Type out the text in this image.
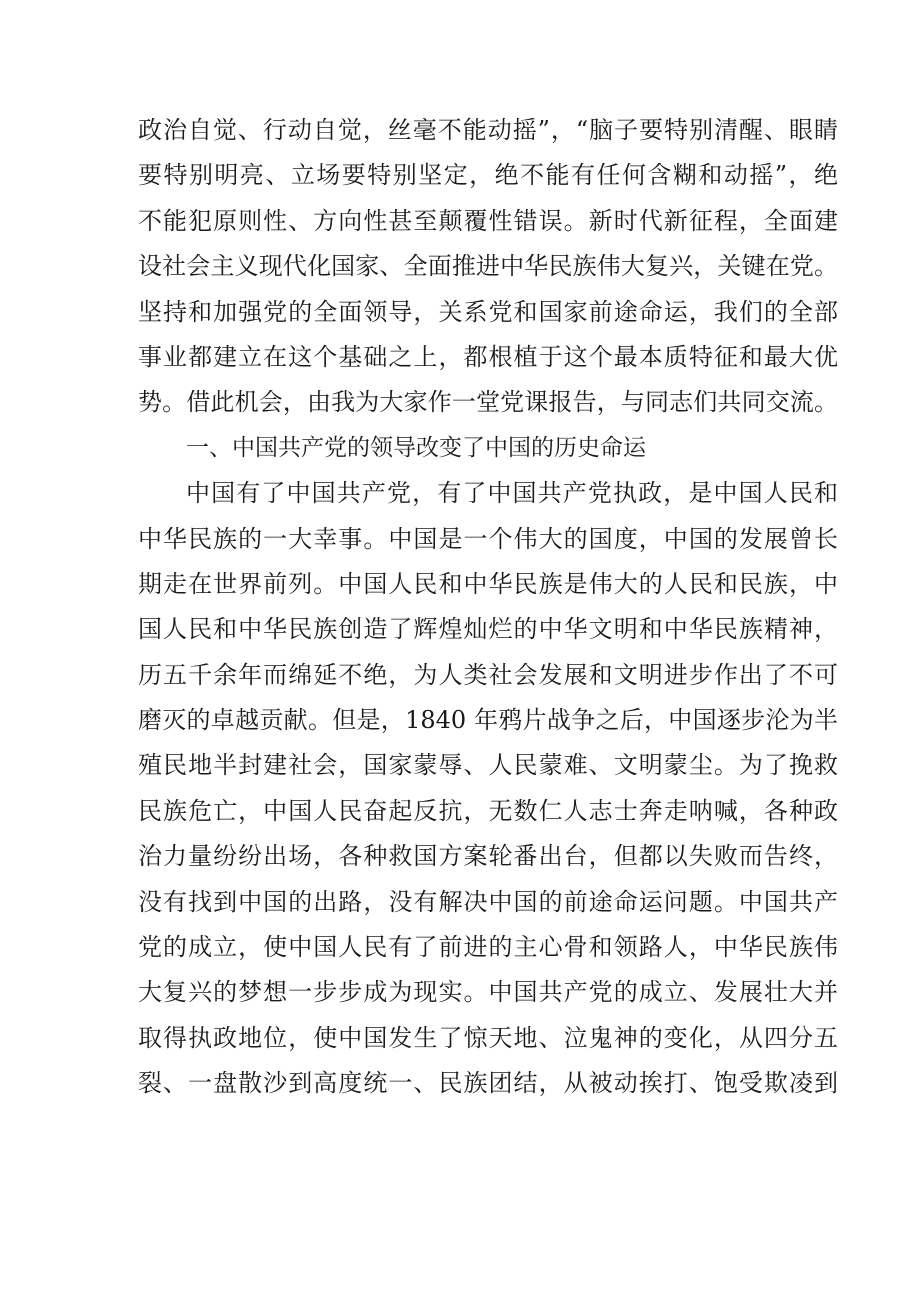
政治自觉、行动自觉，丝毫不能动摇”，“脑子要特别清醒、眼睛
要特别明亮、立场要特别坚定，绝不能有任何含糊和动摇”，绝
不能犯原则性、方向性甚至颠覆性错误。新时代新征程，全面建
设社会主义现代化国家、全面推进中华民族伟大复兴，关键在党。
坚持和加强党的全面领导，关系党和国家前途命运，我们的全部
事业都建立在这个基础之上，都根植于这个最本质特征和最大优
势。借此机会，由我为大家作一堂党课报告，与同志们共同交流。
一、中国共产党的领导改变了中国的历史命运
中国有了中国共产党，有了中国共产党执政，是中国人民和
中华民族的一大幸事。中国是一个伟大的国度，中国的发展曾长
期走在世界前列。中国人民和中华民族是伟大的人民和民族，中
国人民和中华民族创造了辉煌灿烂的中华文明和中华民族精神，
历五千余年而绵延不绝，为人类社会发展和文明进步作出了不可
磨灭的卓越贡献。但是，1840 年鸦片战争之后，中国逐步沦为半
殖民地半封建社会，国家蒙辱、人民蒙难、文明蒙尘。为了挽救
民族危亡，中国人民奋起反抗，无数仁人志士奔走呐喊，各种政
治力量纷纷出场，各种救国方案轮番出台，但都以失败而告终，
没有找到中国的出路，没有解决中国的前途命运问题。中国共产
党的成立，使中国人民有了前进的主心骨和领路人，中华民族伟
大复兴的梦想一步步成为现实。中国共产党的成立、发展壮大并
取得执政地位，使中国发生了惊天地、泣鬼神的变化，从四分五
裂、一盘散沙到高度统一、民族团结，从被动挨打、饱受欺凌到
